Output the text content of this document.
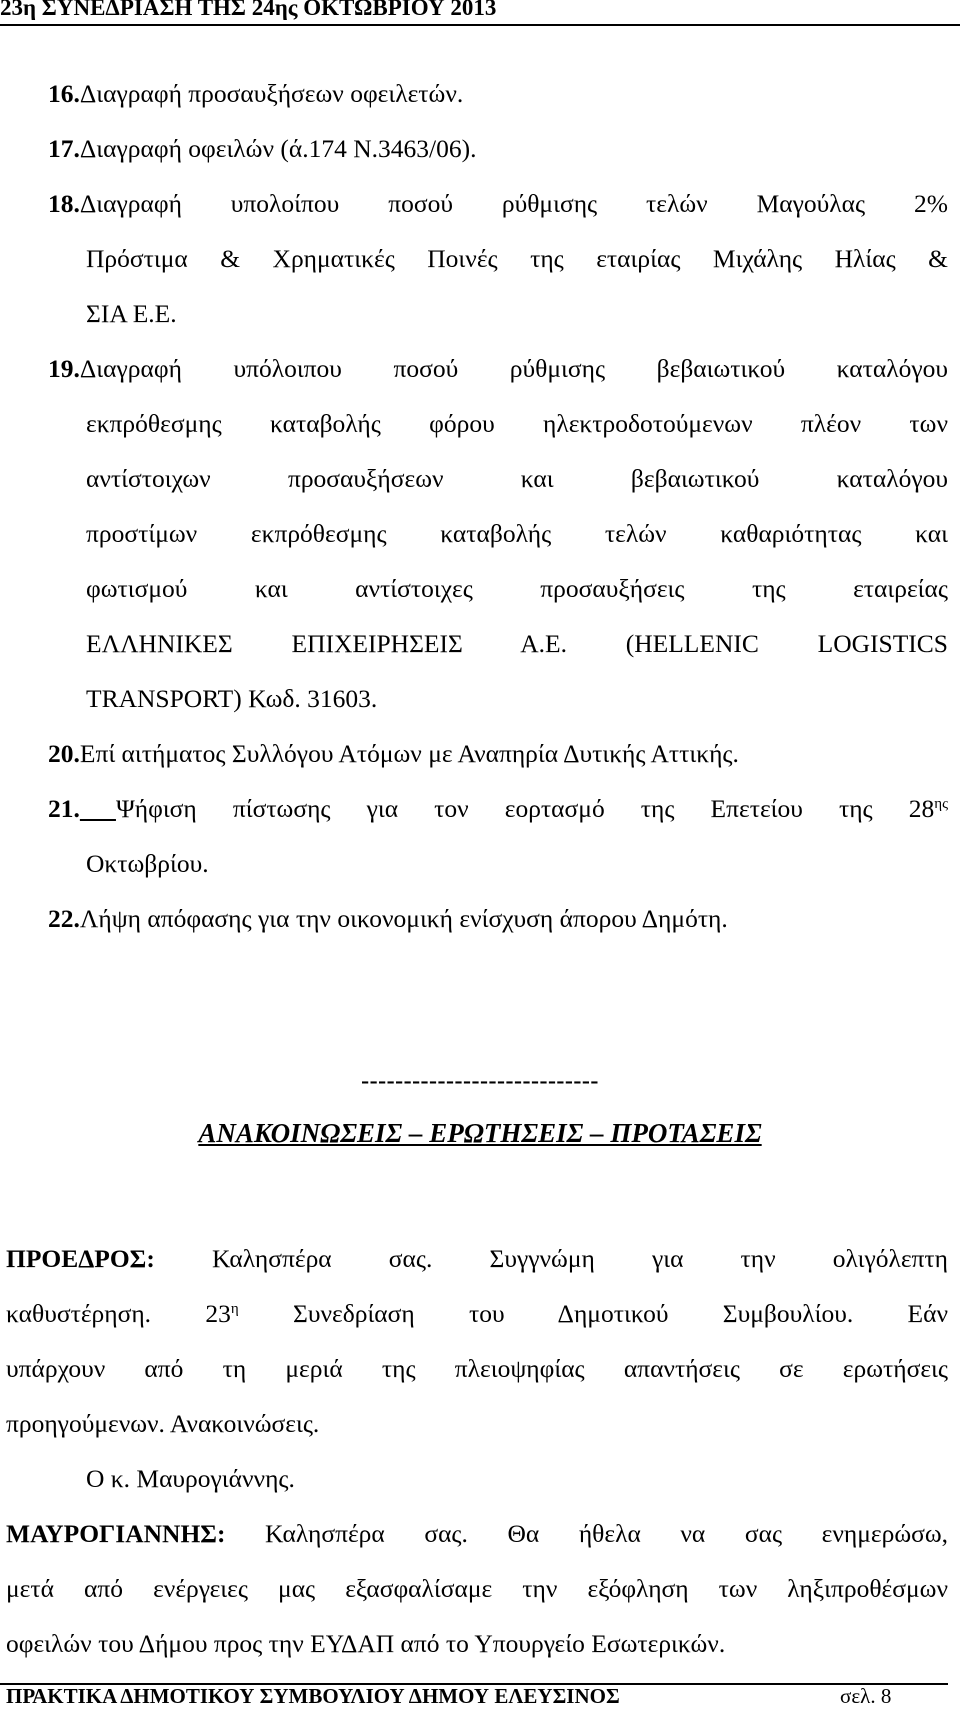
23η ΣΥΝΕΔΡΙΑΣΗ ΤΗΣ 24ης ΟΚΤΩΒΡΙΟΥ 2013
16.Διαγραφή προσαυξήσεων οφειλετών.
17.Διαγραφή οφειλών (ά.174 Ν.3463/06).
18.Διαγραφή υπολοίπου ποσού ρύθμισης τελών Μαγούλας 2%
Πρόστιμα & Χρηματικές Ποινές της εταιρίας Μιχάλης Ηλίας &
ΣΙΑ Ε.Ε.
19.Διαγραφή υπόλοιπου ποσού ρύθμισης βεβαιωτικού καταλόγου
εκπρόθεσμης καταβολής φόρου ηλεκτροδοτούμενων πλέον των
αντίστοιχων προσαυξήσεων και βεβαιωτικού καταλόγου
προστίμων εκπρόθεσμης καταβολής τελών καθαριότητας και
φωτισμού και αντίστοιχες προσαυξήσεις της εταιρείας
ΕΛΛΗΝΙΚΕΣ ΕΠΙΧΕΙΡΗΣΕΙΣ Α.Ε. (HELLENIC LOGISTICS
TRANSPORT) Κωδ. 31603.
20.Επί αιτήματος Συλλόγου Ατόμων με Αναπηρία Δυτικής Αττικής.
21. Ψήφιση πίστωσης για τον εορτασμό της Επετείου της $28^{\eta\varsigma}$
Οκτωβρίου.
22.Λήψη απόφασης για την οικονομική ενίσχυση άπορου Δημότη.
----------------------------
ΑΝΑΚΟΙΝΩΣΕΙΣ – ΕΡΩΤΗΣΕΙΣ – ΠΡΟΤΑΣΕΙΣ
ΠΡΟΕΔΡΟΣ: Καλησπέρα σας. Συγγνώμη για την ολιγόλεπτη
καθυστέρηση. $23^\eta$ Συνεδρίαση του Δημοτικού Συμβουλίου. Εάν
υπάρχουν από τη μεριά της πλειοψηφίας απαντήσεις σε ερωτήσεις
προηγούμενων. Ανακοινώσεις.
Ο κ. Μαυρογιάννης.
ΜΑΥΡΟΓΙΑΝΝΗΣ: Καλησπέρα σας. Θα ήθελα να σας ενημερώσω,
μετά από ενέργειες μας εξασφαλίσαμε την εξόφληση των ληξιπροθέσμων
οφειλών του Δήμου προς την ΕΥΔΑΠ από το Υπουργείο Εσωτερικών.
ΠΡΑΚΤΙΚΑ ΔΗΜΟΤΙΚΟΥ ΣΥΜΒΟΥΛΙΟΥ ΔΗΜΟΥ ΕΛΕΥΣΙΝΟΣ	σελ. 8
